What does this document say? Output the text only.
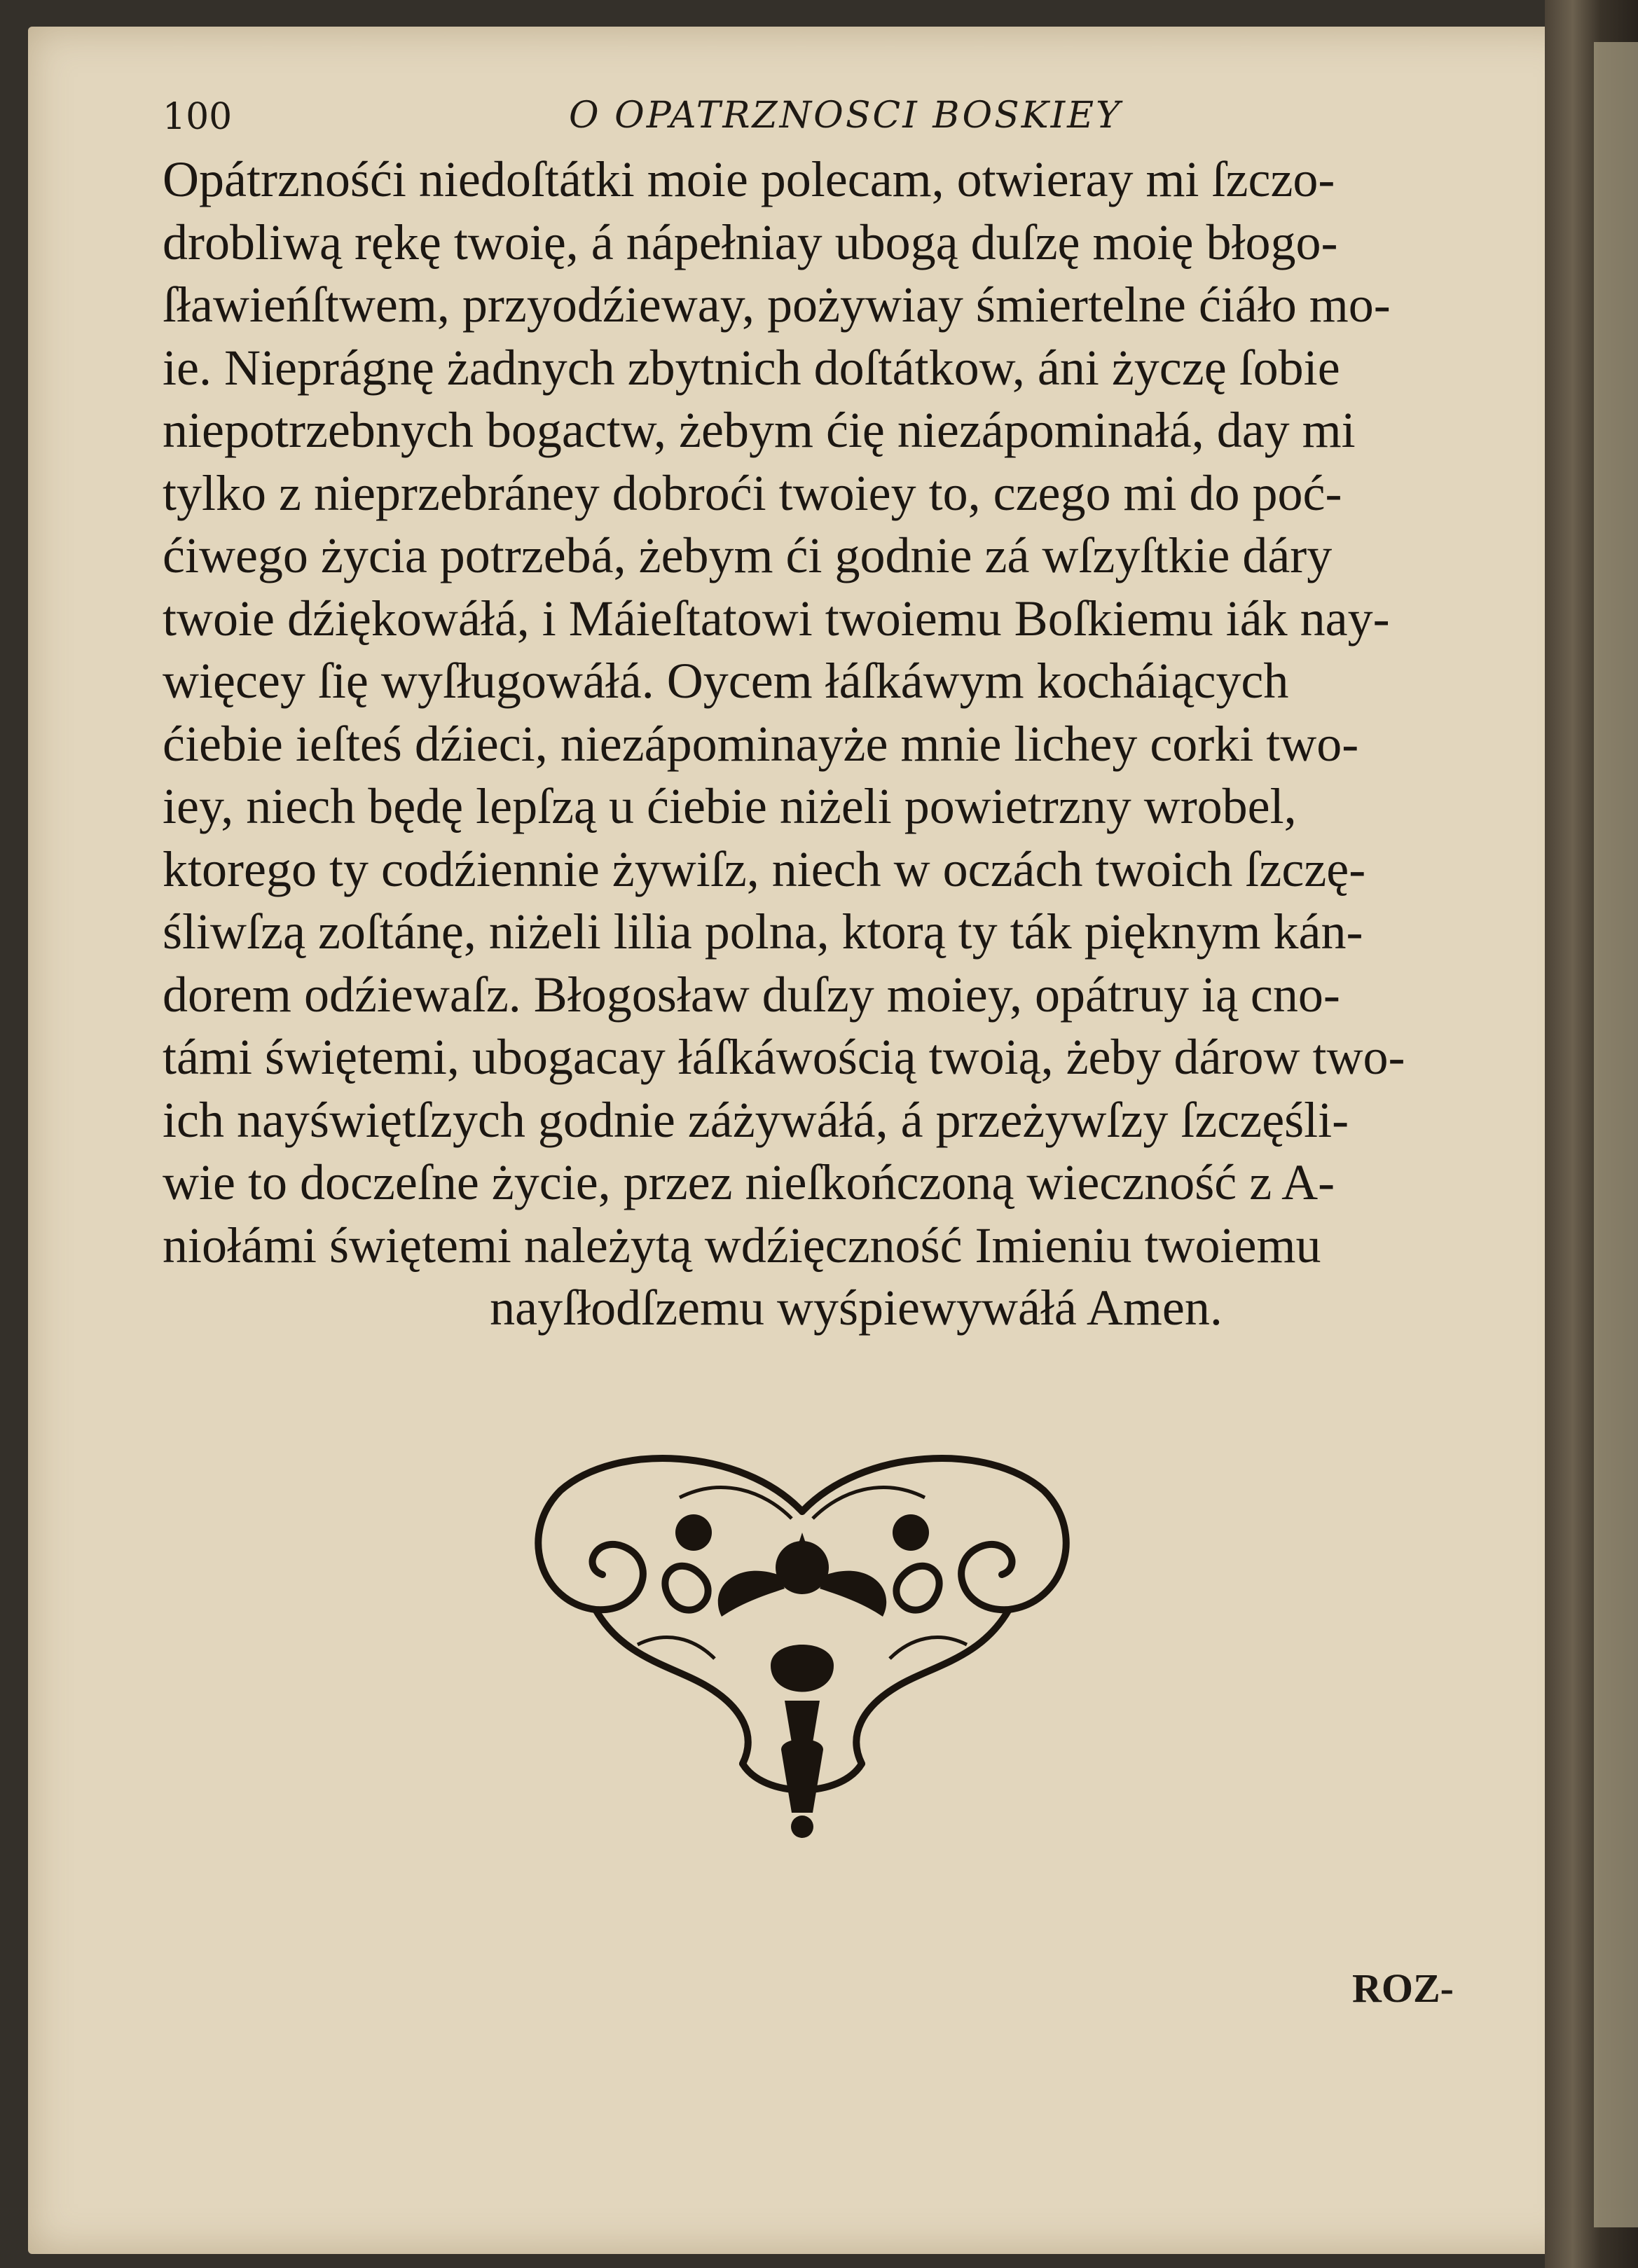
100	O OPATRZNOSCI BOSKIEY
Opátrznośći niedoſtátki moie polecam, otwieray mi ſzczo-
drobliwą rękę twoię, á nápełniay ubogą duſzę moię błogo-
ſławieńſtwem, przyodźieway, pożywiay śmiertelne ćiáło mo-
ie. Nieprágnę żadnych zbytnich doſtátkow, áni życzę ſobie
niepotrzebnych bogactw, żebym ćię niezápominałá, day mi
tylko z nieprzebráney dobroći twoiey to, czego mi do poć-
ćiwego życia potrzebá, żebym ći godnie zá wſzyſtkie dáry
twoie dźiękowáłá, i Máieſtatowi twoiemu Boſkiemu iák nay-
więcey ſię wyſługowáłá. Oycem łáſkáwym kocháiących
ćiebie ieſteś dźieci, niezápominayże mnie lichey corki two-
iey, niech będę lepſzą u ćiebie niżeli powietrzny wrobel,
ktorego ty codźiennie żywiſz, niech w oczách twoich ſzczę-
śliwſzą zoſtánę, niżeli lilia polna, ktorą ty ták pięknym kán-
dorem odźiewaſz. Błogosław duſzy moiey, opátruy ią cno-
támi świętemi, ubogacay łáſkáwością twoią, żeby dárow two-
ich nayświętſzych godnie záżywáłá, á przeżywſzy ſzczęśli-
wie to doczeſne życie, przez nieſkończoną wieczność z A-
niołámi świętemi należytą wdźięczność Imieniu twoiemu
nayſłodſzemu wyśpiewywáłá Amen.
ROZ-
